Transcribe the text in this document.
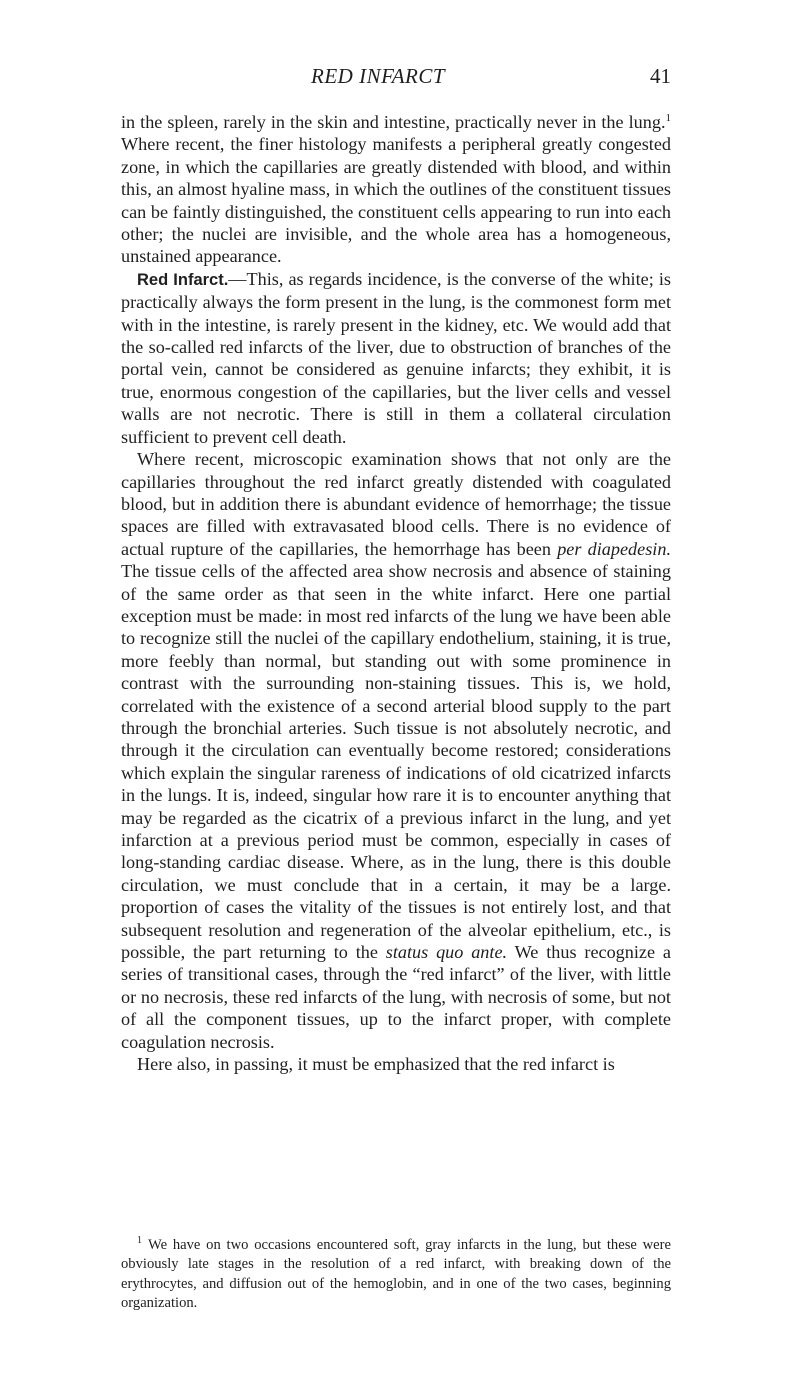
RED INFARCT	41

in the spleen, rarely in the skin and intestine, practically never in the lung.$^1$ Where recent, the finer histology manifests a peripheral greatly congested zone, in which the capillaries are greatly distended with blood, and within this, an almost hyaline mass, in which the outlines of the constituent tissues can be faintly distinguished, the constituent cells appearing to run into each other; the nuclei are invisible, and the whole area has a homogeneous, unstained appearance.

Red Infarct.—This, as regards incidence, is the converse of the white; is practically always the form present in the lung, is the commonest form met with in the intestine, is rarely present in the kidney, etc. We would add that the so-called red infarcts of the liver, due to obstruction of branches of the portal vein, cannot be considered as genuine infarcts; they exhibit, it is true, enormous congestion of the capillaries, but the liver cells and vessel walls are not necrotic. There is still in them a collateral circulation sufficient to prevent cell death.

Where recent, microscopic examination shows that not only are the capillaries throughout the red infarct greatly distended with coagulated blood, but in addition there is abundant evidence of hemorrhage; the tissue spaces are filled with extravasated blood cells. There is no evidence of actual rupture of the capillaries, the hemorrhage has been per diapedesin. The tissue cells of the affected area show necrosis and absence of staining of the same order as that seen in the white infarct. Here one partial exception must be made: in most red infarcts of the lung we have been able to recognize still the nuclei of the capillary endothelium, staining, it is true, more feebly than normal, but standing out with some prominence in contrast with the surrounding non-staining tissues. This is, we hold, correlated with the existence of a second arterial blood supply to the part through the bronchial arteries. Such tissue is not absolutely necrotic, and through it the circulation can eventually become restored; considerations which explain the singular rareness of indications of old cicatrized infarcts in the lungs. It is, indeed, singular how rare it is to encounter anything that may be regarded as the cicatrix of a previous infarct in the lung, and yet infarction at a previous period must be common, especially in cases of long-standing cardiac disease. Where, as in the lung, there is this double circulation, we must conclude that in a certain, it may be a large. proportion of cases the vitality of the tissues is not entirely lost, and that subsequent resolution and regeneration of the alveolar epithelium, etc., is possible, the part returning to the status quo ante. We thus recognize a series of transitional cases, through the “red infarct” of the liver, with little or no necrosis, these red infarcts of the lung, with necrosis of some, but not of all the component tissues, up to the infarct proper, with complete coagulation necrosis.

Here also, in passing, it must be emphasized that the red infarct is

$^1$ We have on two occasions encountered soft, gray infarcts in the lung, but these were obviously late stages in the resolution of a red infarct, with breaking down of the erythrocytes, and diffusion out of the hemoglobin, and in one of the two cases, beginning organization.
